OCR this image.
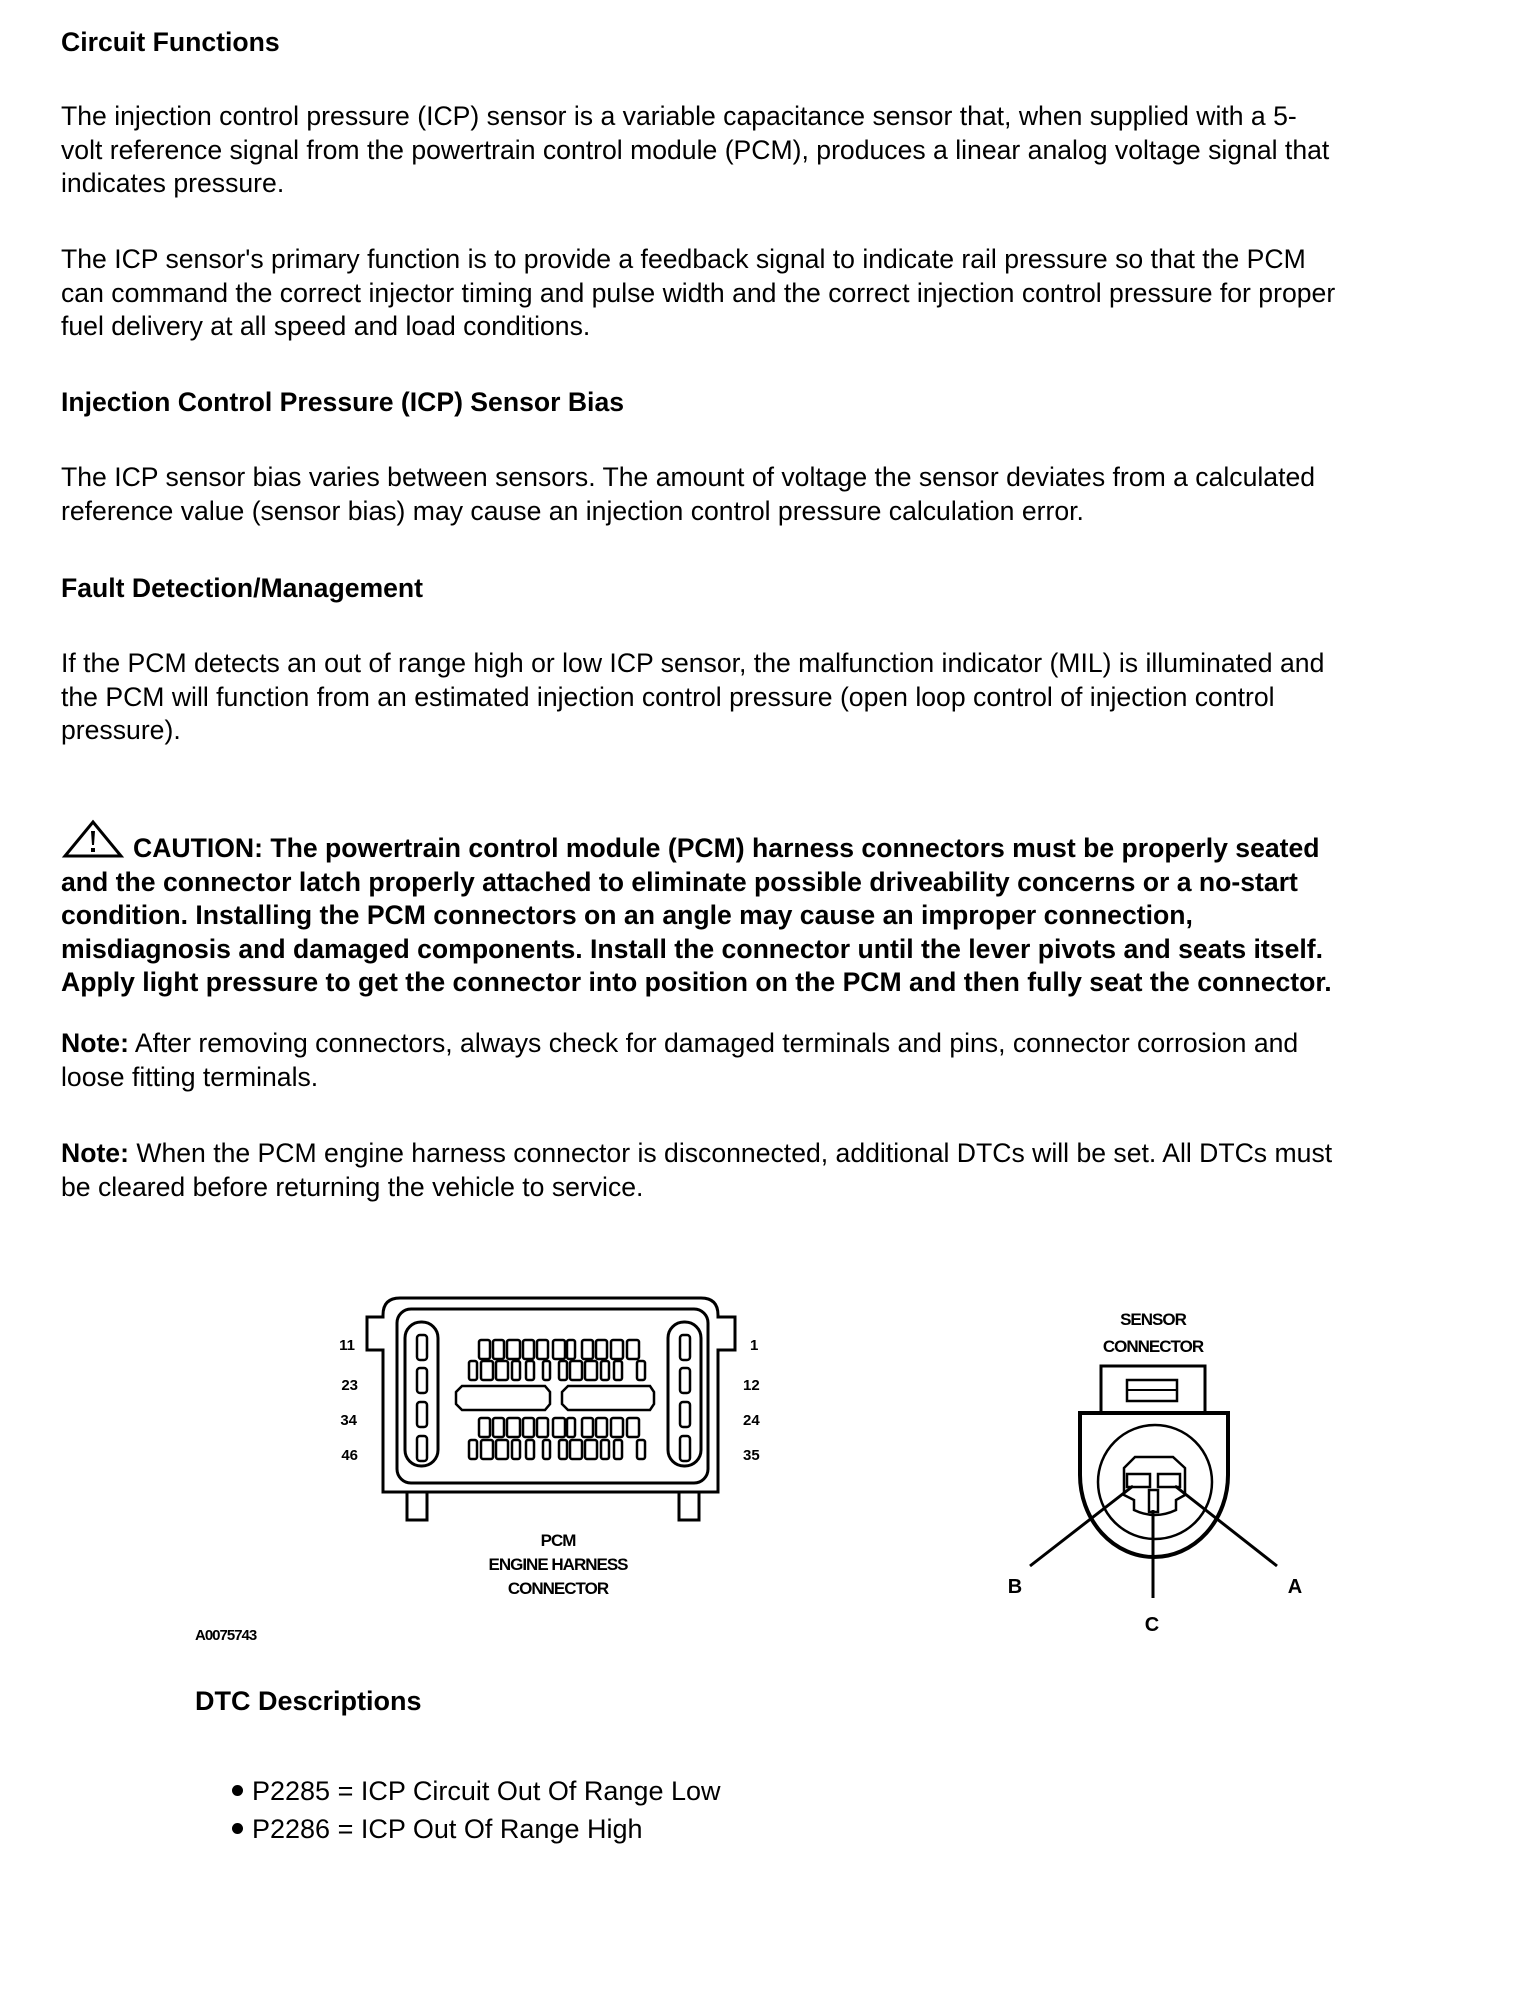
Circuit Functions
The injection control pressure (ICP) sensor is a variable capacitance sensor that, when supplied with a 5-
volt reference signal from the powertrain control module (PCM), produces a linear analog voltage signal that
indicates pressure.
The ICP sensor's primary function is to provide a feedback signal to indicate rail pressure so that the PCM
can command the correct injector timing and pulse width and the correct injection control pressure for proper
fuel delivery at all speed and load conditions.
Injection Control Pressure (ICP) Sensor Bias
The ICP sensor bias varies between sensors. The amount of voltage the sensor deviates from a calculated
reference value (sensor bias) may cause an injection control pressure calculation error.
Fault Detection/Management
If the PCM detects an out of range high or low ICP sensor, the malfunction indicator (MIL) is illuminated and
the PCM will function from an estimated injection control pressure (open loop control of injection control
pressure).
CAUTION: The powertrain control module (PCM) harness connectors must be properly seated
and the connector latch properly attached to eliminate possible driveability concerns or a no-start
condition. Installing the PCM connectors on an angle may cause an improper connection,
misdiagnosis and damaged components. Install the connector until the lever pivots and seats itself.
Apply light pressure to get the connector into position on the PCM and then fully seat the connector.
Note: After removing connectors, always check for damaged terminals and pins, connector corrosion and
loose fitting terminals.
Note: When the PCM engine harness connector is disconnected, additional DTCs will be set. All DTCs must
be cleared before returning the vehicle to service.
11
23
34
46
1
12
24
35
PCM
ENGINE HARNESS
CONNECTOR
SENSOR
CONNECTOR
B	A
C
A0075743
DTC Descriptions
P2285 = ICP Circuit Out Of Range Low
P2286 = ICP Out Of Range High
